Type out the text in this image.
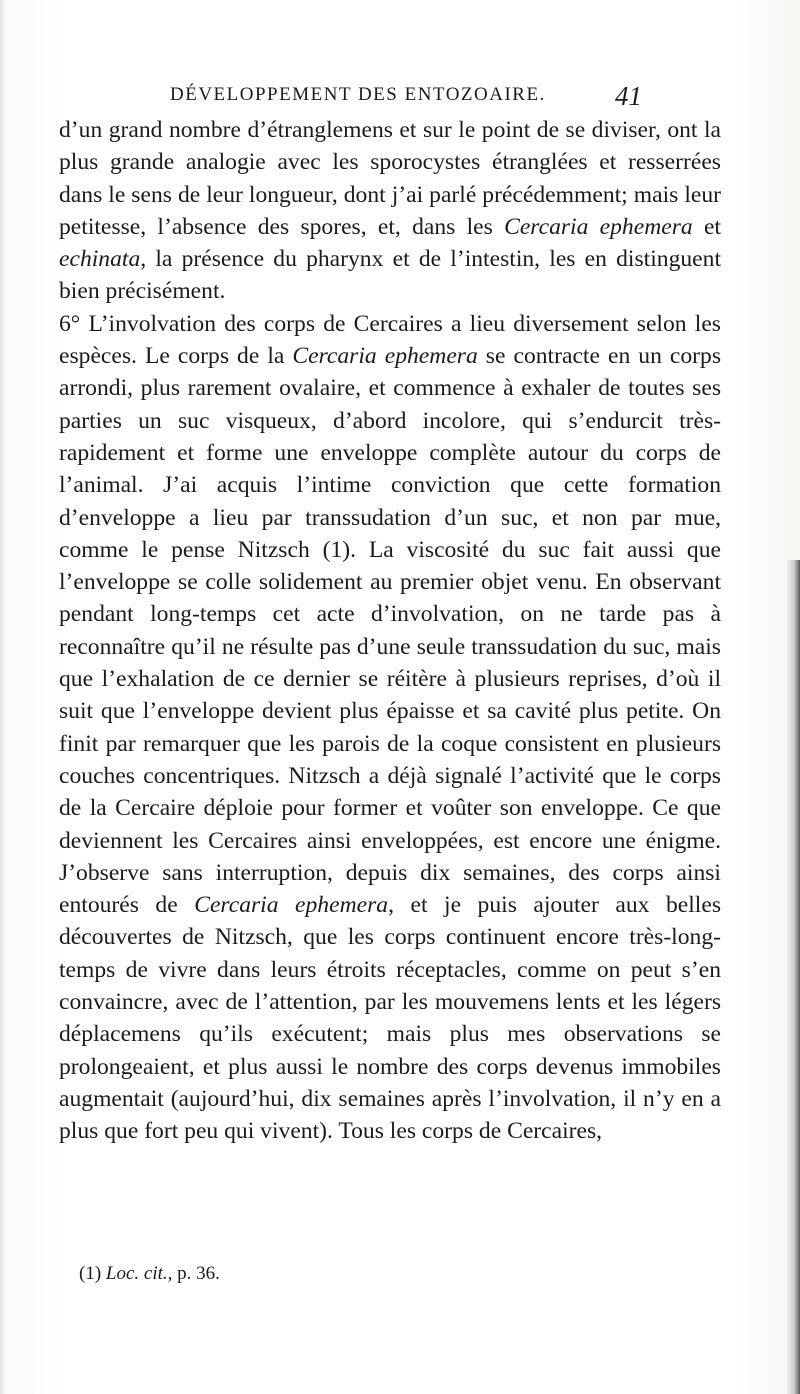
DÉVELOPPEMENT DES ENTOZOAIRE.	41

d’un grand nombre d’étranglemens et sur le point de se diviser, ont la plus grande analogie avec les sporocystes étranglées et resserrées dans le sens de leur longueur, dont j’ai parlé précédemment; mais leur petitesse, l’absence des spores, et, dans les Cercaria ephemera et echinata, la présence du pharynx et de l’intestin, les en distinguent bien précisément.

6° L’involvation des corps de Cercaires a lieu diversement selon les espèces. Le corps de la Cercaria ephemera se contracte en un corps arrondi, plus rarement ovalaire, et commence à exhaler de toutes ses parties un suc visqueux, d’abord incolore, qui s’endurcit très-rapidement et forme une enveloppe complète autour du corps de l’animal. J’ai acquis l’intime conviction que cette formation d’enveloppe a lieu par transsudation d’un suc, et non par mue, comme le pense Nitzsch (1). La viscosité du suc fait aussi que l’enveloppe se colle solidement au premier objet venu. En observant pendant long-temps cet acte d’involvation, on ne tarde pas à reconnaître qu’il ne résulte pas d’une seule transsudation du suc, mais que l’exhalation de ce dernier se réitère à plusieurs reprises, d’où il suit que l’enveloppe devient plus épaisse et sa cavité plus petite. On finit par remarquer que les parois de la coque consistent en plusieurs couches concentriques. Nitzsch a déjà signalé l’activité que le corps de la Cercaire déploie pour former et voûter son enveloppe. Ce que deviennent les Cercaires ainsi enveloppées, est encore une énigme. J’observe sans interruption, depuis dix semaines, des corps ainsi entourés de Cercaria ephemera, et je puis ajouter aux belles découvertes de Nitzsch, que les corps continuent encore très-long-temps de vivre dans leurs étroits réceptacles, comme on peut s’en convaincre, avec de l’attention, par les mouvemens lents et les légers déplacemens qu’ils exécutent; mais plus mes observations se prolongeaient, et plus aussi le nombre des corps devenus immobiles augmentait (aujourd’hui, dix semaines après l’involvation, il n’y en a plus que fort peu qui vivent). Tous les corps de Cercaires,

(1) Loc. cit., p. 36.
